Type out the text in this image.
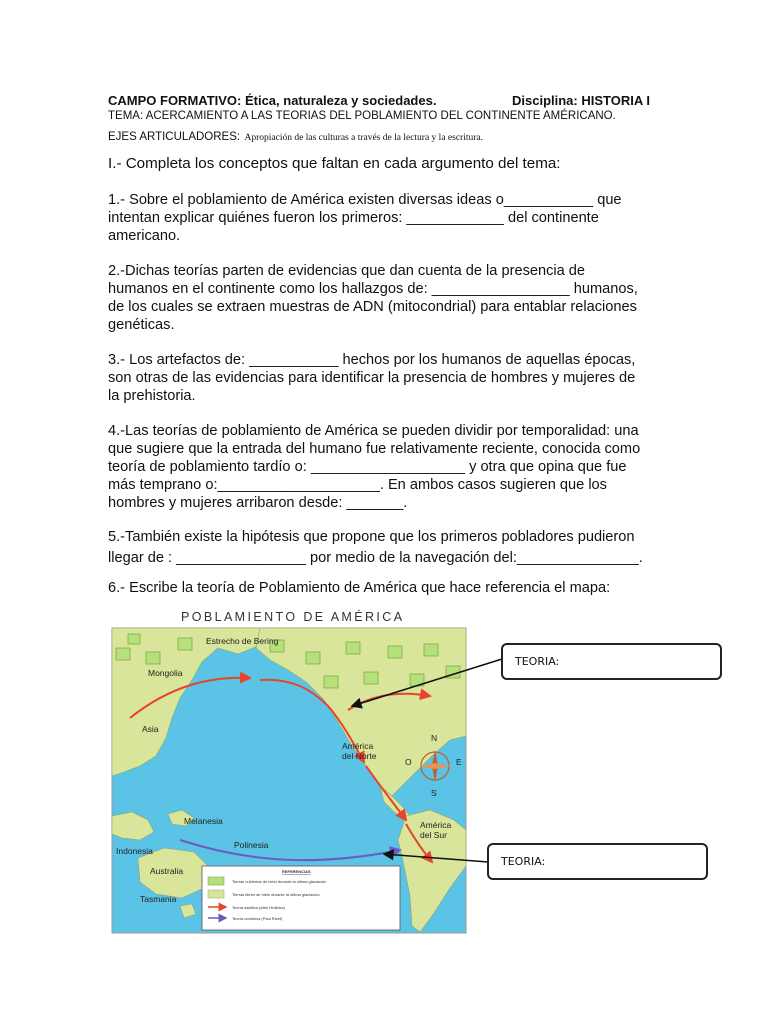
CAMPO FORMATIVO: Ética, naturaleza y sociedades.	Disciplina: HISTORIA I
TEMA: ACERCAMIENTO A LAS TEORIAS DEL POBLAMIENTO DEL CONTINENTE AMÉRICANO.
EJES ARTICULADORES: Apropiación de las culturas a través de la lectura y la escritura.
I.- Completa los conceptos que faltan en cada argumento del tema:
1.- Sobre el poblamiento de América existen diversas ideas o___________ que
intentan explicar quiénes fueron los primeros: ____________ del continente
americano.
2.-Dichas teorías parten de evidencias que dan cuenta de la presencia de
humanos en el continente como los hallazgos de: _________________ humanos,
de los cuales se extraen muestras de ADN (mitocondrial) para entablar relaciones
genéticas.
3.- Los artefactos de: ___________ hechos por los humanos de aquellas épocas,
son otras de las evidencias para identificar la presencia de hombres y mujeres de
la prehistoria.
4.-Las teorías de poblamiento de América se pueden dividir por temporalidad: una
que sugiere que la entrada del humano fue relativamente reciente, conocida como
teoría de poblamiento tardío o: ___________________ y otra que opina que fue
más temprano o:____________________. En ambos casos sugieren que los
hombres y mujeres arribaron desde: _______.
5.-También existe la hipótesis que propone que los primeros pobladores pudieron
llegar de : ________________ por medio de la navegación del:_______________.
6.- Escribe la teoría de Poblamiento de América que hace referencia el mapa:
POBLAMIENTO DE AMÉRICA
N
S
E
O
Estrecho de Bering
Mongolia
Asia
América
del Norte
América
del Sur
Melanesia
Polinesia
Indonesia
Australia
Tasmania
REFERENCIAS
Tierras cubiertas de hielo durante la última glaciación
Tierras libres de hielo durante la última glaciación
Teoría asiática (Ales Hrdlicka)
Teoría oceánica (Paul Rivet)
TEORIA:
TEORIA:
